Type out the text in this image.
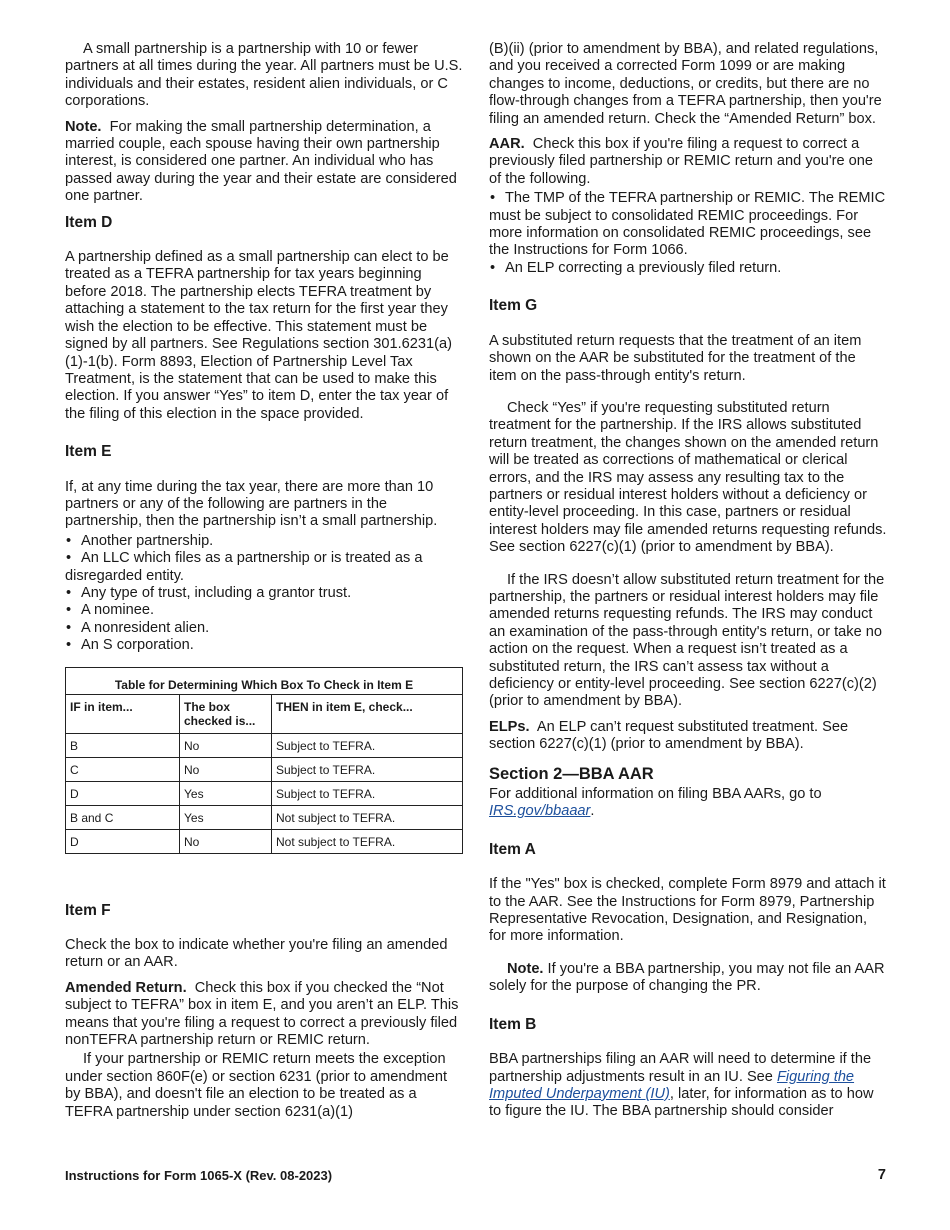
A small partnership is a partnership with 10 or fewer partners at all times during the year. All partners must be U.S. individuals and their estates, resident alien individuals, or C corporations.

Note. For making the small partnership determination, a married couple, each spouse having their own partnership interest, is considered one partner. An individual who has passed away during the year and their estate are considered one partner.

Item D

A partnership defined as a small partnership can elect to be treated as a TEFRA partnership for tax years beginning before 2018. The partnership elects TEFRA treatment by attaching a statement to the tax return for the first year they wish the election to be effective. This statement must be signed by all partners. See Regulations section 301.6231(a)(1)-1(b). Form 8893, Election of Partnership Level Tax Treatment, is the statement that can be used to make this election. If you answer “Yes” to item D, enter the tax year of the filing of this election in the space provided.

Item E

If, at any time during the tax year, there are more than 10 partners or any of the following are partners in the partnership, then the partnership isn’t a small partnership.

• Another partnership.
• An LLC which files as a partnership or is treated as a disregarded entity.
• Any type of trust, including a grantor trust.
• A nominee.
• A nonresident alien.
• An S corporation.
Table for Determining Which Box To Check in Item E
IF in item...	The box checked is...	THEN in item E, check...
B	No	Subject to TEFRA.
C	No	Subject to TEFRA.
D	Yes	Subject to TEFRA.
B and C	Yes	Not subject to TEFRA.
D	No	Not subject to TEFRA.
Item F

Check the box to indicate whether you're filing an amended return or an AAR.

Amended Return. Check this box if you checked the “Not subject to TEFRA” box in item E, and you aren’t an ELP. This means that you're filing a request to correct a previously filed nonTEFRA partnership return or REMIC return.

If your partnership or REMIC return meets the exception under section 860F(e) or section 6231 (prior to amendment by BBA), and doesn't file an election to be treated as a TEFRA partnership under section 6231(a)(1)

(B)(ii) (prior to amendment by BBA), and related regulations, and you received a corrected Form 1099 or are making changes to income, deductions, or credits, but there are no flow-through changes from a TEFRA partnership, then you're filing an amended return. Check the “Amended Return” box.

AAR. Check this box if you're filing a request to correct a previously filed partnership or REMIC return and you're one of the following.

• The TMP of the TEFRA partnership or REMIC. The REMIC must be subject to consolidated REMIC proceedings. For more information on consolidated REMIC proceedings, see the Instructions for Form 1066.
• An ELP correcting a previously filed return.
Item G

A substituted return requests that the treatment of an item shown on the AAR be substituted for the treatment of the item on the pass-through entity's return.

Check “Yes” if you're requesting substituted return treatment for the partnership. If the IRS allows substituted return treatment, the changes shown on the amended return will be treated as corrections of mathematical or clerical errors, and the IRS may assess any resulting tax to the partners or residual interest holders without a deficiency or entity-level proceeding. In this case, partners or residual interest holders may file amended returns requesting refunds. See section 6227(c)(1) (prior to amendment by BBA).

If the IRS doesn’t allow substituted return treatment for the partnership, the partners or residual interest holders may file amended returns requesting refunds. The IRS may conduct an examination of the pass-through entity's return, or take no action on the request. When a request isn’t treated as a substituted return, the IRS can’t assess tax without a deficiency or entity-level proceeding. See section 6227(c)(2) (prior to amendment by BBA).

ELPs. An ELP can’t request substituted treatment. See section 6227(c)(1) (prior to amendment by BBA).

Section 2—BBA AAR

For additional information on filing BBA AARs, go to IRS.gov/bbaaar.

Item A

If the "Yes" box is checked, complete Form 8979 and attach it to the AAR. See the Instructions for Form 8979, Partnership Representative Revocation, Designation, and Resignation, for more information.

Note. If you're a BBA partnership, you may not file an AAR solely for the purpose of changing the PR.

Item B

BBA partnerships filing an AAR will need to determine if the partnership adjustments result in an IU. See Figuring the Imputed Underpayment (IU), later, for information as to how to figure the IU. The BBA partnership should consider

Instructions for Form 1065-X (Rev. 08-2023)	7
